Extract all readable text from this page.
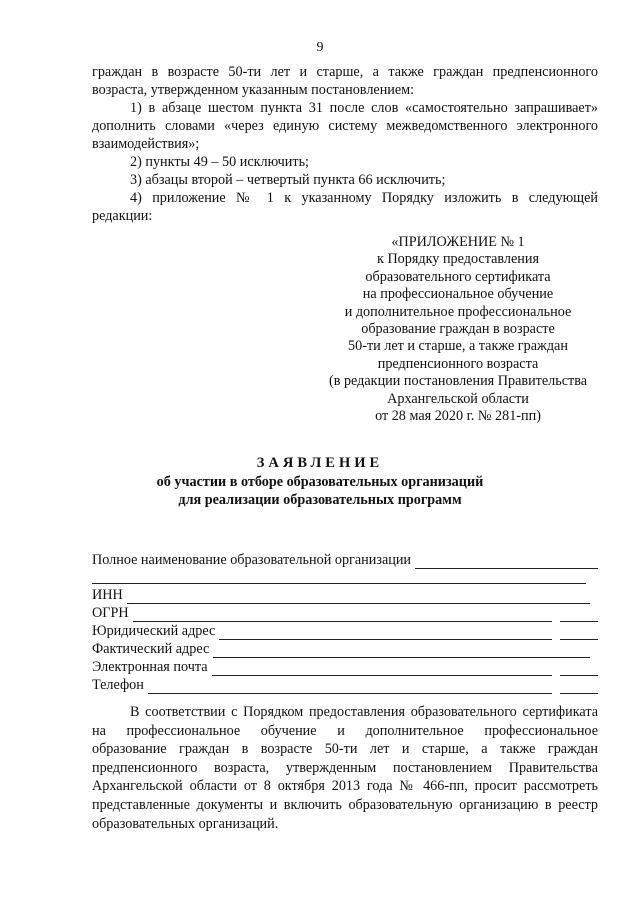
9
граждан в возрасте 50-ти лет и старше, а также граждан предпенсионного
возраста, утвержденном указанным постановлением:
1) в абзаце шестом пункта 31 после слов «самостоятельно запрашивает»
дополнить словами «через единую систему межведомственного электронного
взаимодействия»;
2) пункты 49 – 50 исключить;
3) абзацы второй – четвертый пункта 66 исключить;
4) приложение № 1 к указанному Порядку изложить в следующей
редакции:
«ПРИЛОЖЕНИЕ № 1
к Порядку предоставления
образовательного сертификата
на профессиональное обучение
и дополнительное профессиональное
образование граждан в возрасте
50-ти лет и старше, а также граждан
предпенсионного возраста
(в редакции постановления Правительства
Архангельской области
от 28 мая 2020 г. № 281-пп)
ЗАЯВЛЕНИЕ
об участии в отборе образовательных организаций
для реализации образовательных программ
Полное наименование образовательной организации
ИНН
ОГРН
Юридический адрес
Фактический адрес
Электронная почта
Телефон
В соответствии с Порядком предоставления образовательного сертификата
на профессиональное обучение и дополнительное профессиональное
образование граждан в возрасте 50-ти лет и старше, а также граждан
предпенсионного возраста, утвержденным постановлением Правительства
Архангельской области от 8 октября 2013 года № 466-пп, просит рассмотреть
представленные документы и включить образовательную организацию в реестр
образовательных организаций.
